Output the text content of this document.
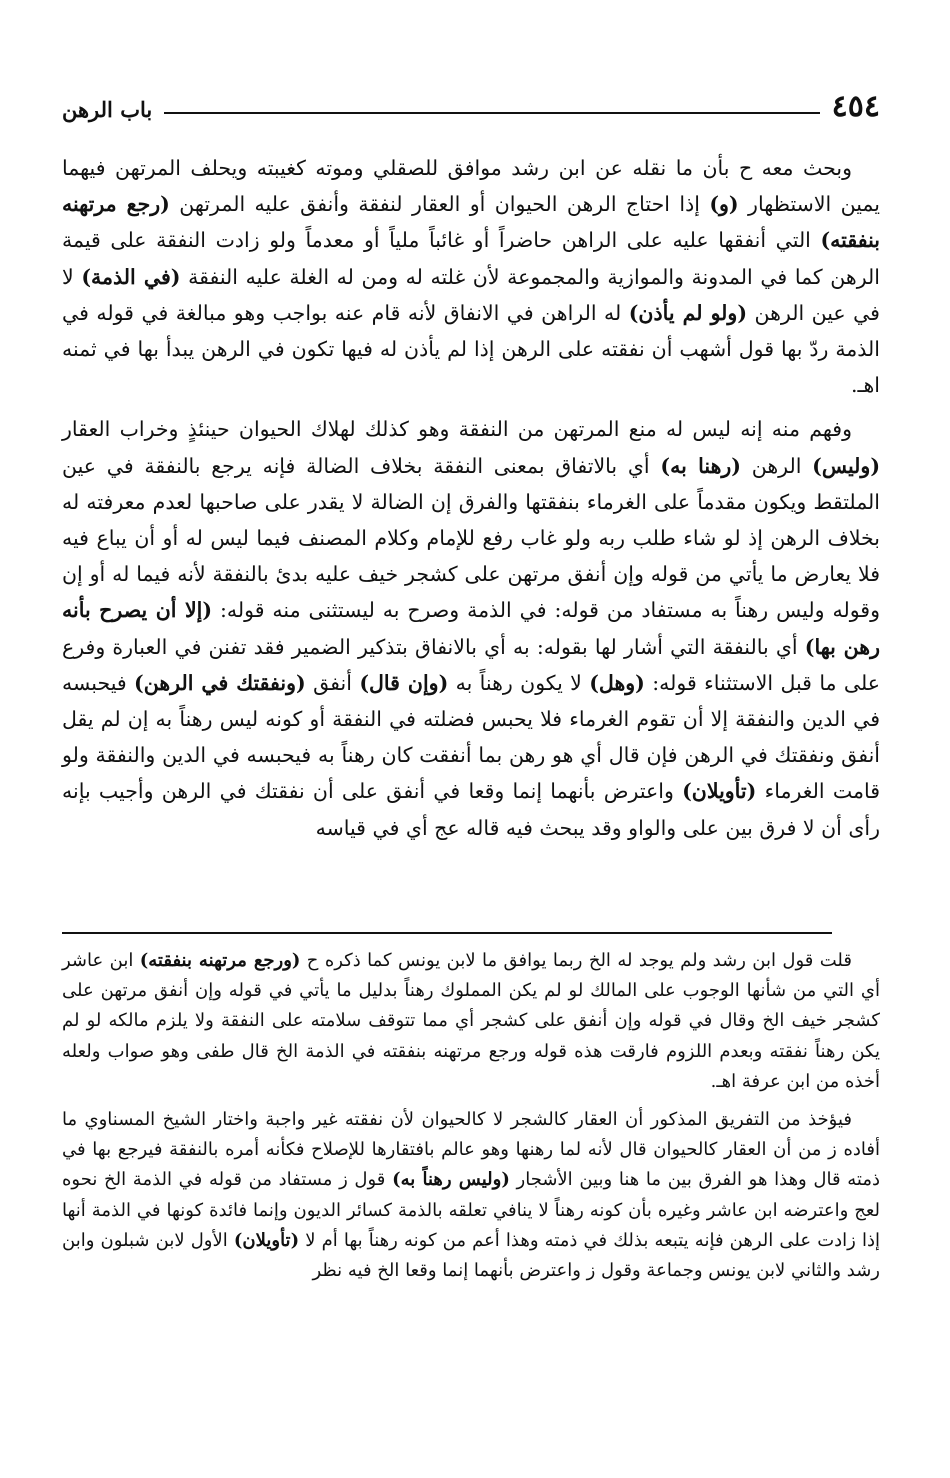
باب الرهن	٤٥٤

وبحث معه ح بأن ما نقله عن ابن رشد موافق للصقلي وموته كغيبته ويحلف المرتهن فيهما يمين الاستظهار (و) إذا احتاج الرهن الحيوان أو العقار لنفقة وأنفق عليه المرتهن (رجع مرتهنه بنفقته) التي أنفقها عليه على الراهن حاضراً أو غائباً ملياً أو معدماً ولو زادت النفقة على قيمة الرهن كما في المدونة والموازية والمجموعة لأن غلته له ومن له الغلة عليه النفقة (في الذمة) لا في عين الرهن (ولو لم يأذن) له الراهن في الانفاق لأنه قام عنه بواجب وهو مبالغة في قوله في الذمة ردّ بها قول أشهب أن نفقته على الرهن إذا لم يأذن له فيها تكون في الرهن يبدأ بها في ثمنه اهـ.

وفهم منه إنه ليس له منع المرتهن من النفقة وهو كذلك لهلاك الحيوان حينئذٍ وخراب العقار (وليس) الرهن (رهنا به) أي بالاتفاق بمعنى النفقة بخلاف الضالة فإنه يرجع بالنفقة في عين الملتقط ويكون مقدماً على الغرماء بنفقتها والفرق إن الضالة لا يقدر على صاحبها لعدم معرفته له بخلاف الرهن إذ لو شاء طلب ربه ولو غاب رفع للإمام وكلام المصنف فيما ليس له أو أن يباع فيه فلا يعارض ما يأتي من قوله وإن أنفق مرتهن على كشجر خيف عليه بدئ بالنفقة لأنه فيما له أو إن وقوله وليس رهناً به مستفاد من قوله: في الذمة وصرح به ليستثنى منه قوله: (إلا أن يصرح بأنه رهن بها) أي بالنفقة التي أشار لها بقوله: به أي بالانفاق بتذكير الضمير فقد تفنن في العبارة وفرع على ما قبل الاستثناء قوله: (وهل) لا يكون رهناً به (وإن قال) أنفق (ونفقتك في الرهن) فيحبسه في الدين والنفقة إلا أن تقوم الغرماء فلا يحبس فضلته في النفقة أو كونه ليس رهناً به إن لم يقل أنفق ونفقتك في الرهن فإن قال أي هو رهن بما أنفقت كان رهناً به فيحبسه في الدين والنفقة ولو قامت الغرماء (تأويلان) واعترض بأنهما إنما وقعا في أنفق على أن نفقتك في الرهن وأجيب بإنه رأى أن لا فرق بين على والواو وقد يبحث فيه قاله عج أي في قياسه

قلت قول ابن رشد ولم يوجد له الخ ربما يوافق ما لابن يونس كما ذكره ح (ورجع مرتهنه بنفقته) ابن عاشر أي التي من شأنها الوجوب على المالك لو لم يكن المملوك رهناً بدليل ما يأتي في قوله وإن أنفق مرتهن على كشجر خيف الخ وقال في قوله وإن أنفق على كشجر أي مما تتوقف سلامته على النفقة ولا يلزم مالكه لو لم يكن رهناً نفقته وبعدم اللزوم فارقت هذه قوله ورجع مرتهنه بنفقته في الذمة الخ قال طفى وهو صواب ولعله أخذه من ابن عرفة اهـ.

فيؤخذ من التفريق المذكور أن العقار كالشجر لا كالحيوان لأن نفقته غير واجبة واختار الشيخ المسناوي ما أفاده ز من أن العقار كالحيوان قال لأنه لما رهنها وهو عالم بافتقارها للإصلاح فكأنه أمره بالنفقة فيرجع بها في ذمته قال وهذا هو الفرق بين ما هنا وبين الأشجار (وليس رهناً به) قول ز مستفاد من قوله في الذمة الخ نحوه لعج واعترضه ابن عاشر وغيره بأن كونه رهناً لا ينافي تعلقه بالذمة كسائر الديون وإنما فائدة كونها في الذمة أنها إذا زادت على الرهن فإنه يتبعه بذلك في ذمته وهذا أعم من كونه رهناً بها أم لا (تأويلان) الأول لابن شبلون وابن رشد والثاني لابن يونس وجماعة وقول ز واعترض بأنهما إنما وقعا الخ فيه نظر
